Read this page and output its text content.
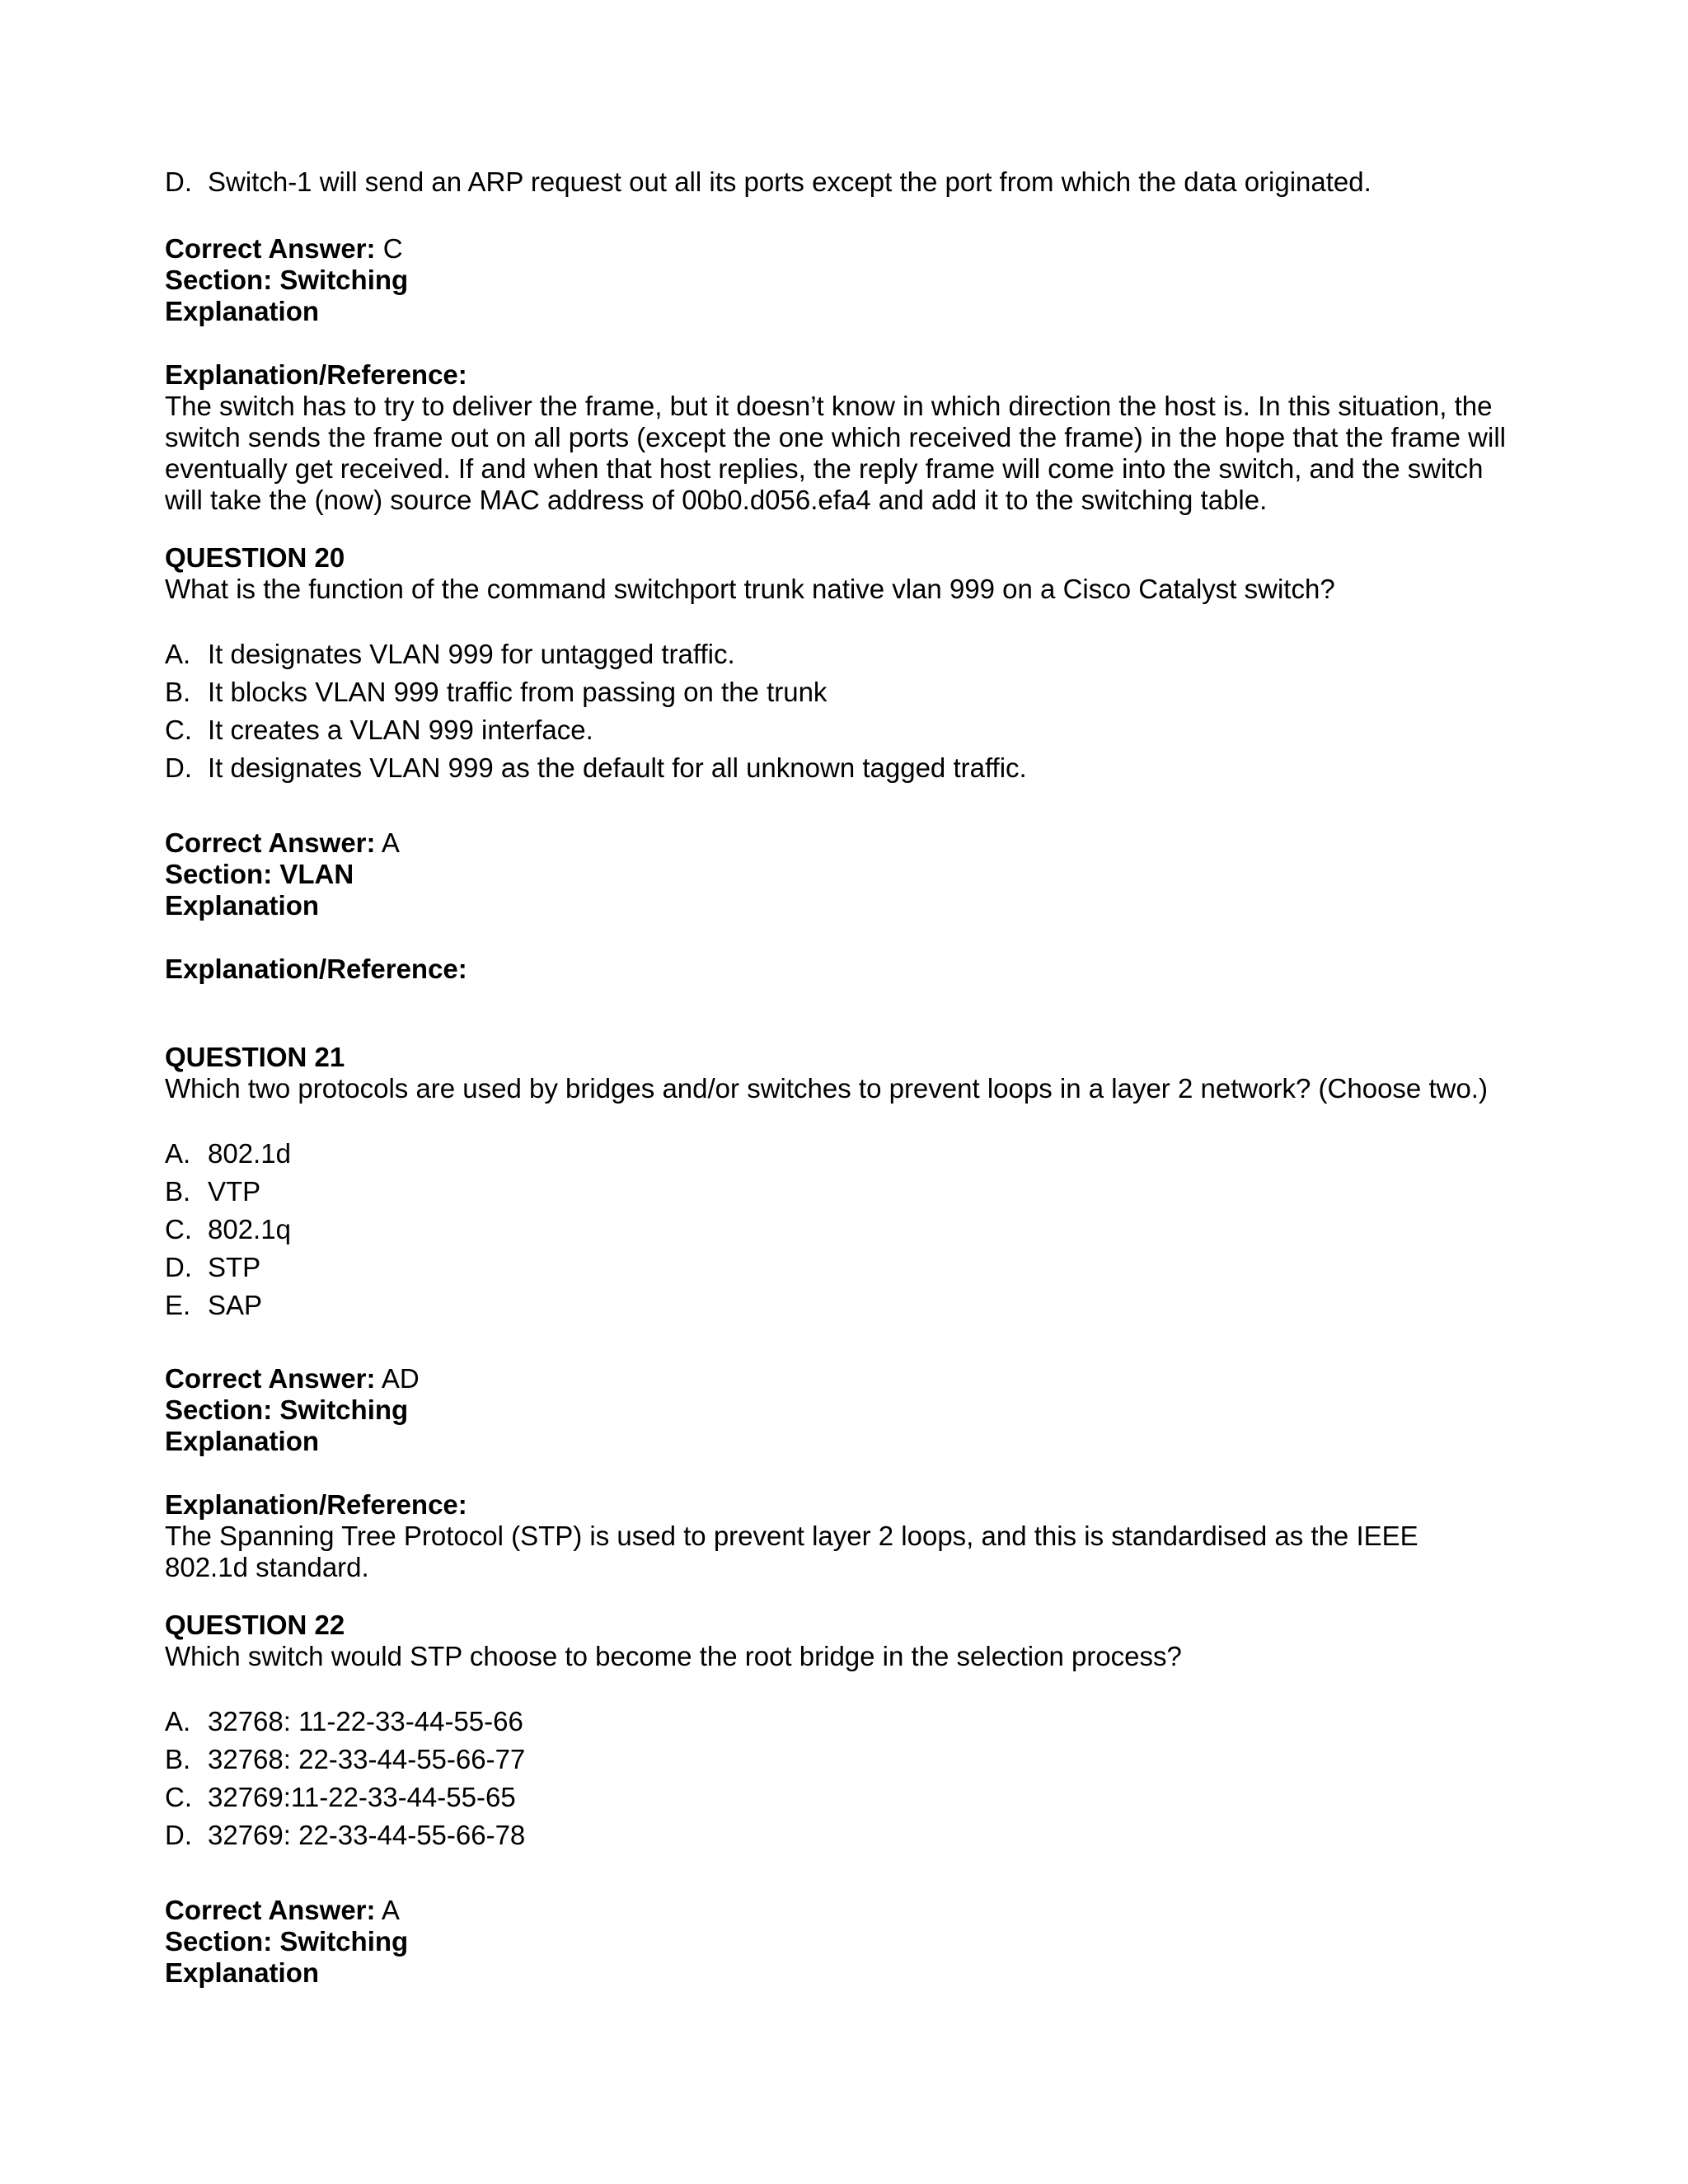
D. Switch-1 will send an ARP request out all its ports except the port from which the data originated.

Correct Answer: C

Section: Switching

Explanation

Explanation/Reference:

The switch has to try to deliver the frame, but it doesn’t know in which direction the host is. In this situation, the switch sends the frame out on all ports (except the one which received the frame) in the hope that the frame will eventually get received. If and when that host replies, the reply frame will come into the switch, and the switch will take the (now) source MAC address of 00b0.d056.efa4 and add it to the switching table.

QUESTION 20

What is the function of the command switchport trunk native vlan 999 on a Cisco Catalyst switch?

A. It designates VLAN 999 for untagged traffic.
B. It blocks VLAN 999 traffic from passing on the trunk
C. It creates a VLAN 999 interface.
D. It designates VLAN 999 as the default for all unknown tagged traffic.

Correct Answer: A

Section: VLAN

Explanation

Explanation/Reference:

QUESTION 21

Which two protocols are used by bridges and/or switches to prevent loops in a layer 2 network? (Choose two.)

A. 802.1d
B. VTP
C. 802.1q
D. STP
E. SAP

Correct Answer: AD

Section: Switching

Explanation

Explanation/Reference:

The Spanning Tree Protocol (STP) is used to prevent layer 2 loops, and this is standardised as the IEEE 802.1d standard.

QUESTION 22

Which switch would STP choose to become the root bridge in the selection process?

A. 32768: 11-22-33-44-55-66
B. 32768: 22-33-44-55-66-77
C. 32769:11-22-33-44-55-65
D. 32769: 22-33-44-55-66-78

Correct Answer: A

Section: Switching

Explanation
